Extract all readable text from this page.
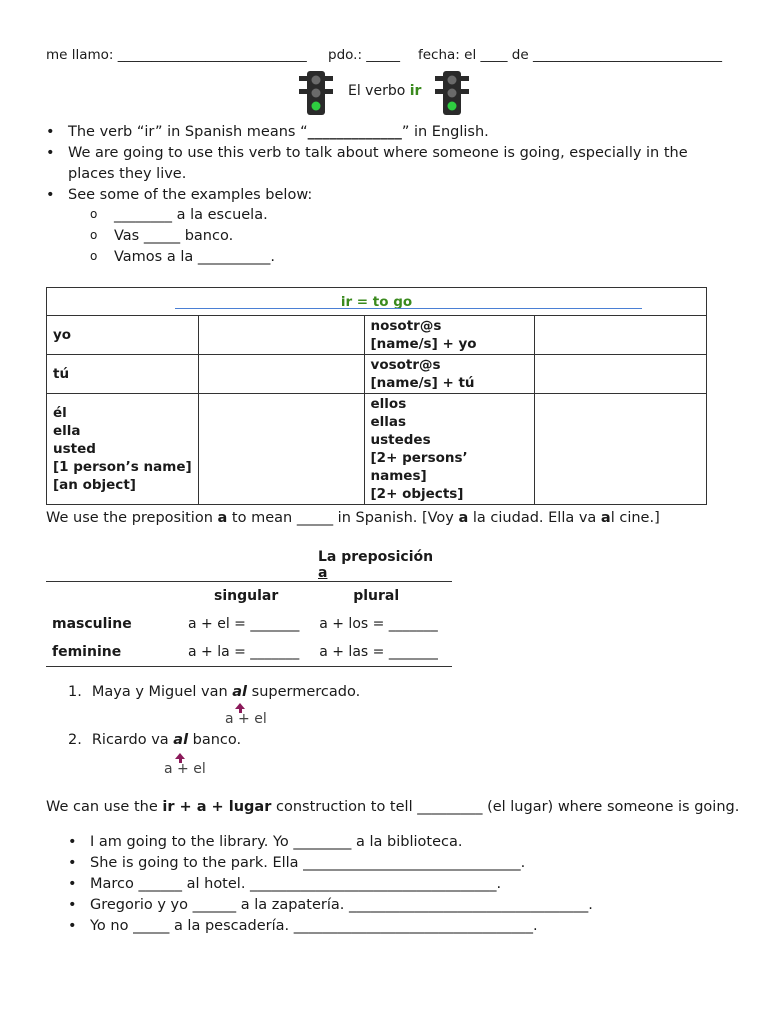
me llamo: ____________________________ pdo.: _____ fecha: el ____ de ____________________________
El verbo ir
• The verb “ir” in Spanish means “_____________” in English.
• We are going to use this verb to talk about where someone is going, especially in the
places they live.
• See some of the examples below:
o ________ a la escuela.
o Vas _____ banco.
o Vamos a la __________.
ir = to go			

yo		nosotr@s
[name/s] + yo	
tú		vosotr@s
[name/s] + tú	
él
ella
usted
[1 person’s name]
[an object]		ellos
ellas
ustedes
[2+ persons’ names]
[2+ objects]	
We use the preposition a to mean _____ in Spanish. [Voy a la ciudad. Ella va al cine.]
	La preposición a	
	singular	plural
masculine	a + el = _______	a + los = _______
feminine	a + la = _______	a + las = _______
1. Maya y Miguel van al supermercado.
a + el
2. Ricardo va al banco.
a + el
We can use the ir + a + lugar construction to tell _________ (el lugar) where someone is going.
• I am going to the library. Yo ________ a la biblioteca.
• She is going to the park. Ella ______________________________.
• Marco ______ al hotel. __________________________________.
• Gregorio y yo ______ a la zapatería. _________________________________.
• Yo no _____ a la pescadería. _________________________________.
